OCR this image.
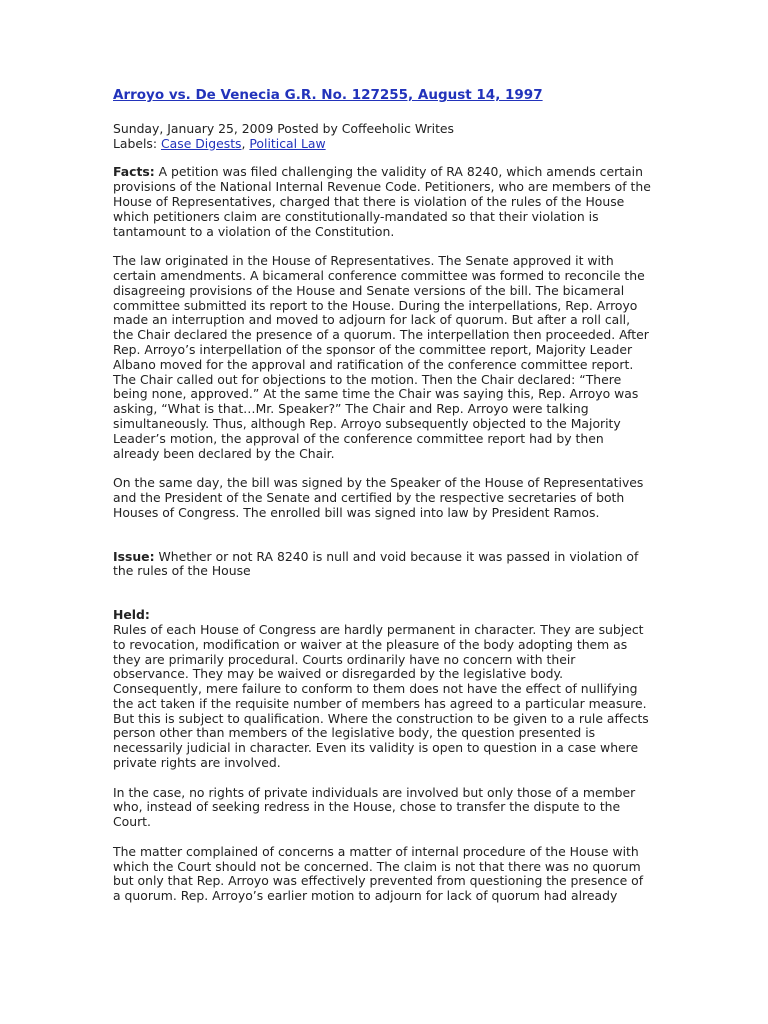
Arroyo vs. De Venecia G.R. No. 127255, August 14, 1997
Sunday, January 25, 2009 Posted by Coffeeholic Writes
Labels: Case Digests, Political Law

Facts: A petition was filed challenging the validity of RA 8240, which amends certain provisions of the National Internal Revenue Code. Petitioners, who are members of the House of Representatives, charged that there is violation of the rules of the House which petitioners claim are constitutionally-mandated so that their violation is tantamount to a violation of the Constitution.

The law originated in the House of Representatives. The Senate approved it with certain amendments. A bicameral conference committee was formed to reconcile the disagreeing provisions of the House and Senate versions of the bill. The bicameral committee submitted its report to the House. During the interpellations, Rep. Arroyo made an interruption and moved to adjourn for lack of quorum. But after a roll call, the Chair declared the presence of a quorum. The interpellation then proceeded. After Rep. Arroyo’s interpellation of the sponsor of the committee report, Majority Leader Albano moved for the approval and ratification of the conference committee report. The Chair called out for objections to the motion. Then the Chair declared: “There being none, approved.” At the same time the Chair was saying this, Rep. Arroyo was asking, “What is that…Mr. Speaker?” The Chair and Rep. Arroyo were talking simultaneously. Thus, although Rep. Arroyo subsequently objected to the Majority Leader’s motion, the approval of the conference committee report had by then already been declared by the Chair.

On the same day, the bill was signed by the Speaker of the House of Representatives and the President of the Senate and certified by the respective secretaries of both Houses of Congress. The enrolled bill was signed into law by President Ramos.

Issue: Whether or not RA 8240 is null and void because it was passed in violation of the rules of the House

Held:

Rules of each House of Congress are hardly permanent in character. They are subject to revocation, modification or waiver at the pleasure of the body adopting them as they are primarily procedural. Courts ordinarily have no concern with their observance. They may be waived or disregarded by the legislative body. Consequently, mere failure to conform to them does not have the effect of nullifying the act taken if the requisite number of members has agreed to a particular measure. But this is subject to qualification. Where the construction to be given to a rule affects person other than members of the legislative body, the question presented is necessarily judicial in character. Even its validity is open to question in a case where private rights are involved.

In the case, no rights of private individuals are involved but only those of a member who, instead of seeking redress in the House, chose to transfer the dispute to the Court.

The matter complained of concerns a matter of internal procedure of the House with which the Court should not be concerned. The claim is not that there was no quorum but only that Rep. Arroyo was effectively prevented from questioning the presence of a quorum. Rep. Arroyo’s earlier motion to adjourn for lack of quorum had already
